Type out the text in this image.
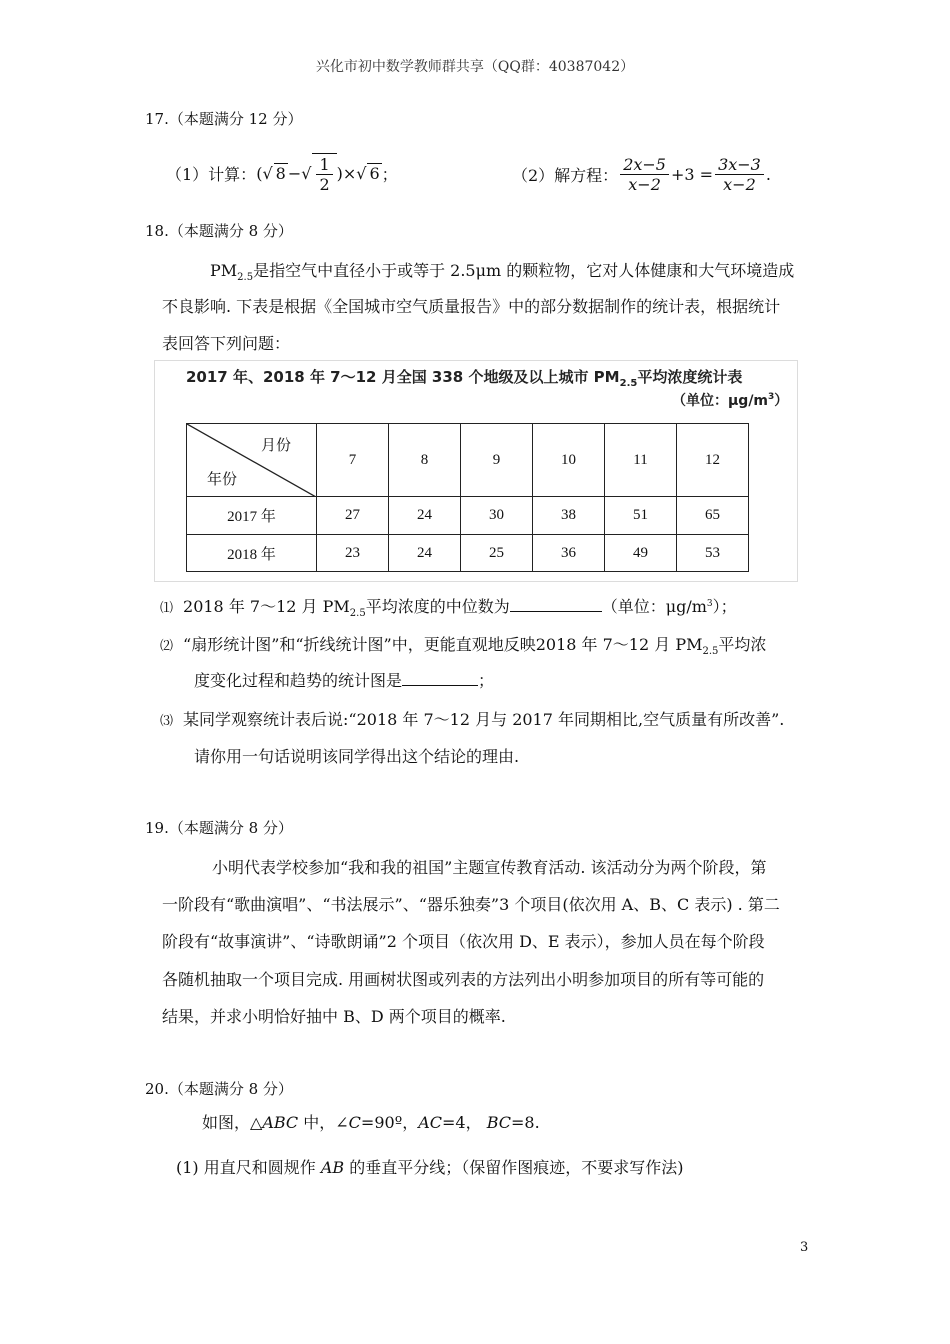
兴化市初中数学教师群共享（QQ群：40387042）
17.（本题满分 12 分）
（1）计算： ( √ 8 − √ $\frac{1}{2}$ )× √ 6 ；	（2）解方程： $\frac{2x-5}{x-2} +3 = \frac{3x-3}{x-2}$ .
18.（本题满分 8 分）
$PM_{2.5}$是指空气中直径小于或等于 2.5μm 的颗粒物，它对人体健康和大气环境造成
不良影响. 下表是根据《全国城市空气质量报告》中的部分数据制作的统计表，根据统计
表回答下列问题：
2017 年、2018 年 7～12 月全国 338 个地级及以上城市 $PM_{2.5}$平均浓度统计表
（单位：$\mu g/m^3$）
月份
年份	7	8	9	10	11	12
2017 年	27	24	30	38	51	65
2018 年	23	24	25	36	49	53
⑴ 2018 年 7～12 月 $PM_{2.5}$平均浓度的中位数为	（单位：$\mu g/m^3$）；
⑵ “扇形统计图”和“折线统计图”中，更能直观地反映2018 年 7～12 月 $PM_{2.5}$平均浓
度变化过程和趋势的统计图是	；
⑶ 某同学观察统计表后说:“2018 年 7～12 月与 2017 年同期相比,空气质量有所改善”.
请你用一句话说明该同学得出这个结论的理由.
19.（本题满分 8 分）
小明代表学校参加“我和我的祖国”主题宣传教育活动. 该活动分为两个阶段，第
一阶段有“歌曲演唱”、“书法展示”、“器乐独奏”3 个项目(依次用 A、B、C 表示) . 第二
阶段有“故事演讲”、“诗歌朗诵”2 个项目（依次用 D、E 表示），参加人员在每个阶段
各随机抽取一个项目完成. 用画树状图或列表的方法列出小明参加项目的所有等可能的
结果，并求小明恰好抽中 B、D 两个项目的概率.
20.（本题满分 8 分）
如图，△ABC 中，∠C=90º，AC=4， BC=8.
(1) 用直尺和圆规作 AB 的垂直平分线；（保留作图痕迹，不要求写作法)
3
